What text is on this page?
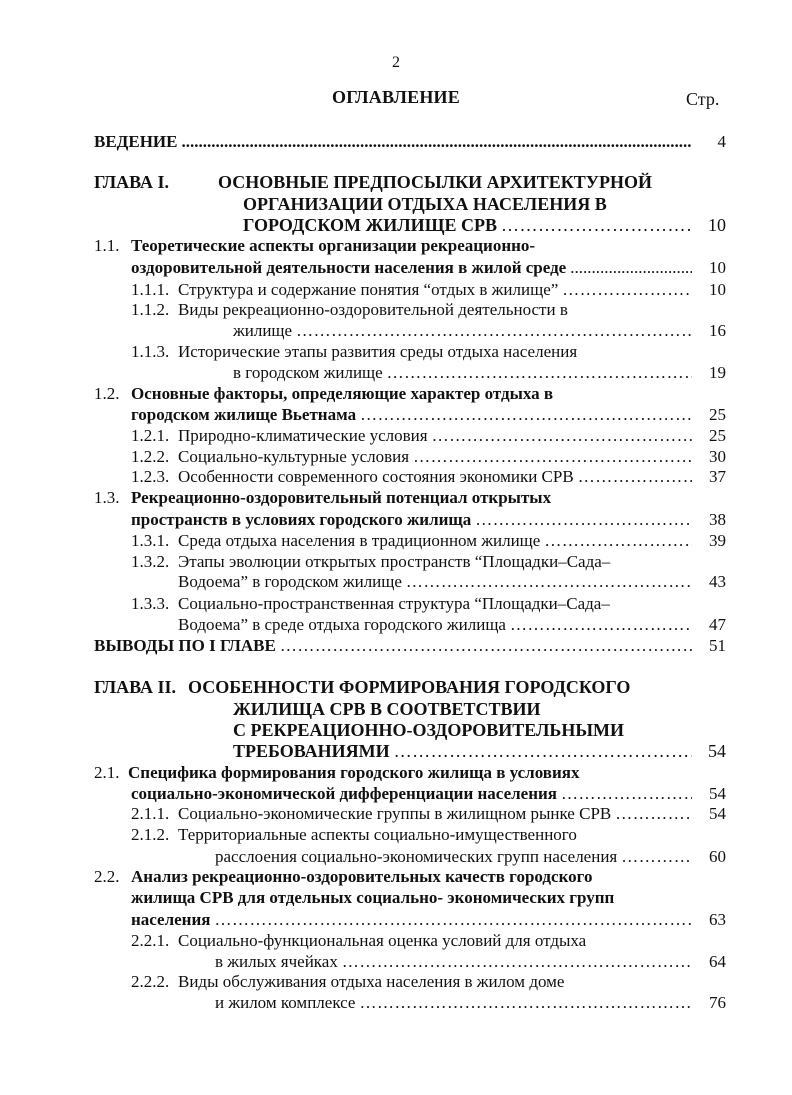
2
ОГЛАВЛЕНИЕ	Стр.
ВЕДЕНИЕ .....	4
ГЛАВА I.	ОСНОВНЫЕ ПРЕДПОСЫЛКИ АРХИТЕКТУРНОЙ
ОРГАНИЗАЦИИ ОТДЫХА НАСЕЛЕНИЯ В
ГОРОДСКОМ ЖИЛИЩЕ СРВ …………………………………………………………………………………………………………………………………………	10
1.1. Теоретические аспекты организации рекреационно-
оздоровительной деятельности населения в жилой среде .....	10
1.1.1. Структура и содержание понятия “отдых в жилище” …………………………………………………………………………………………………………………………………………	10
1.1.2. Виды рекреационно-оздоровительной деятельности в
жилище …………………………………………………………………………………………………………………………………………	16
1.1.3. Исторические этапы развития среды отдыха населения
в городском жилище …………………………………………………………………………………………………………………………………………	19
1.2. Основные факторы, определяющие характер отдыха в
городском жилище Вьетнама …………………………………………………………………………………………………………………………………………	25
1.2.1. Природно-климатические условия …………………………………………………………………………………………………………………………………………	25
1.2.2. Социально-культурные условия …………………………………………………………………………………………………………………………………………	30
1.2.3. Особенности современного состояния экономики СРВ …………………………………………………………………………………………………………………………………………	37
1.3. Рекреационно-оздоровительный потенциал открытых
пространств в условиях городского жилища …………………………………………………………………………………………………………………………………………	38
1.3.1. Среда отдыха населения в традиционном жилище …………………………………………………………………………………………………………………………………………	39
1.3.2. Этапы эволюции открытых пространств “Площадки–Сада–
Водоема” в городском жилище …………………………………………………………………………………………………………………………………………	43
1.3.3. Социально-пространственная структура “Площадки–Сада–
Водоема” в среде отдыха городского жилища …………………………………………………………………………………………………………………………………………	47
ВЫВОДЫ ПО I ГЛАВЕ …………………………………………………………………………………………………………………………………………	51
ГЛАВА II. ОСОБЕННОСТИ ФОРМИРОВАНИЯ ГОРОДСКОГО
ЖИЛИЩА СРВ В СООТВЕТСТВИИ
С РЕКРЕАЦИОННО-ОЗДОРОВИТЕЛЬНЫМИ
ТРЕБОВАНИЯМИ …………………………………………………………………………………………………………………………………………	54
2.1. Специфика формирования городского жилища в условиях
социально-экономической дифференциации населения …………………………………………………………………………………………………………………………………………	54
2.1.1. Социально-экономические группы в жилищном рынке СРВ …………………………………………………………………………………………………………………………………………	54
2.1.2. Территориальные аспекты социально-имущественного
расслоения социально-экономических групп населения …………………………………………………………………………………………………………………………………………	60
2.2. Анализ рекреационно-оздоровительных качеств городского
жилища СРВ для отдельных социально- экономических групп
населения …………………………………………………………………………………………………………………………………………	63
2.2.1. Социально-функциональная оценка условий для отдыха
в жилых ячейках …………………………………………………………………………………………………………………………………………	64
2.2.2. Виды обслуживания отдыха населения в жилом доме
и жилом комплексе …………………………………………………………………………………………………………………………………………	76
